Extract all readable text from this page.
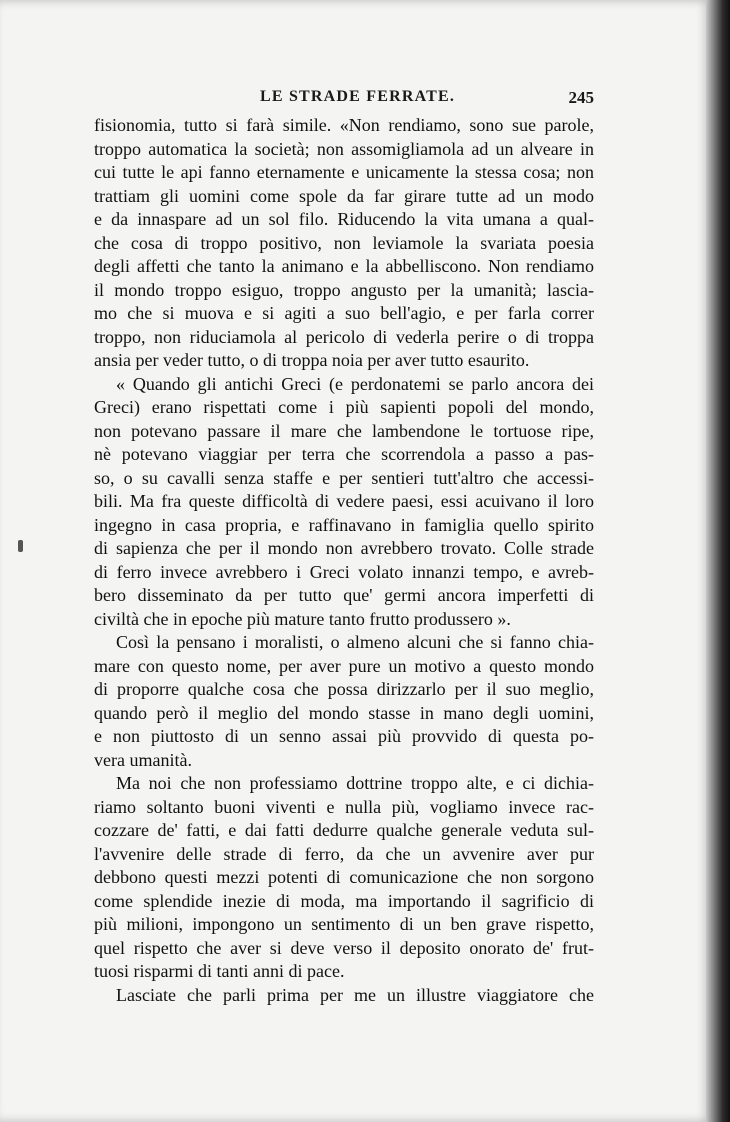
LE STRADE FERRATE.	245
fisionomia, tutto si farà simile. «Non rendiamo, sono sue parole,
troppo automatica la società; non assomigliamola ad un alveare in
cui tutte le api fanno eternamente e unicamente la stessa cosa; non
trattiam gli uomini come spole da far girare tutte ad un modo
e da innaspare ad un sol filo. Riducendo la vita umana a qual-
che cosa di troppo positivo, non leviamole la svariata poesia
degli affetti che tanto la animano e la abbelliscono. Non rendiamo
il mondo troppo esiguo, troppo angusto per la umanità; lascia-
mo che si muova e si agiti a suo bell'agio, e per farla correr
troppo, non riduciamola al pericolo di vederla perire o di troppa
ansia per veder tutto, o di troppa noia per aver tutto esaurito.
« Quando gli antichi Greci (e perdonatemi se parlo ancora dei
Greci) erano rispettati come i più sapienti popoli del mondo,
non potevano passare il mare che lambendone le tortuose ripe,
nè potevano viaggiar per terra che scorrendola a passo a pas-
so, o su cavalli senza staffe e per sentieri tutt'altro che accessi-
bili. Ma fra queste difficoltà di vedere paesi, essi acuivano il loro
ingegno in casa propria, e raffinavano in famiglia quello spirito
di sapienza che per il mondo non avrebbero trovato. Colle strade
di ferro invece avrebbero i Greci volato innanzi tempo, e avreb-
bero disseminato da per tutto que' germi ancora imperfetti di
civiltà che in epoche più mature tanto frutto produssero ».
Così la pensano i moralisti, o almeno alcuni che si fanno chia-
mare con questo nome, per aver pure un motivo a questo mondo
di proporre qualche cosa che possa dirizzarlo per il suo meglio,
quando però il meglio del mondo stasse in mano degli uomini,
e non piuttosto di un senno assai più provvido di questa po-
vera umanità.
Ma noi che non professiamo dottrine troppo alte, e ci dichia-
riamo soltanto buoni viventi e nulla più, vogliamo invece rac-
cozzare de' fatti, e dai fatti dedurre qualche generale veduta sul-
l'avvenire delle strade di ferro, da che un avvenire aver pur
debbono questi mezzi potenti di comunicazione che non sorgono
come splendide inezie di moda, ma importando il sagrificio di
più milioni, impongono un sentimento di un ben grave rispetto,
quel rispetto che aver si deve verso il deposito onorato de' frut-
tuosi risparmi di tanti anni di pace.
Lasciate che parli prima per me un illustre viaggiatore che
